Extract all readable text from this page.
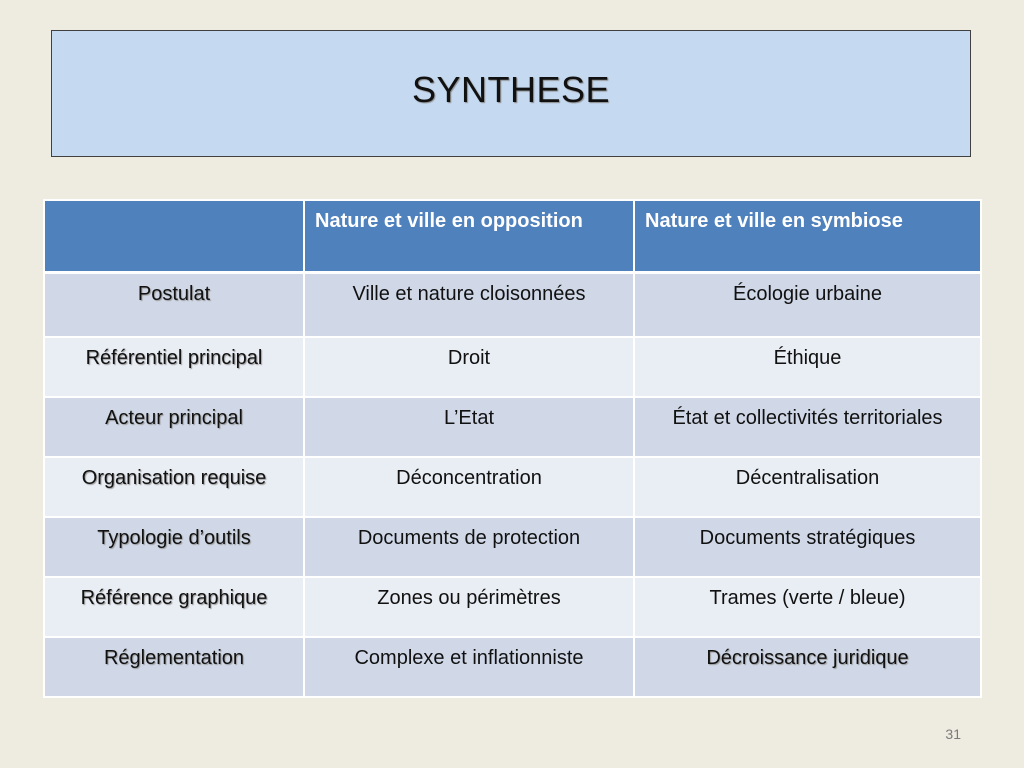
SYNTHESE
	Nature et ville en opposition	Nature et ville en symbiose
Postulat	Ville et nature cloisonnées	Écologie urbaine
Référentiel principal	Droit	Éthique
Acteur principal	L’Etat	État et collectivités territoriales
Organisation requise	Déconcentration	Décentralisation
Typologie d’outils	Documents de protection	Documents stratégiques
Référence graphique	Zones ou périmètres	Trames (verte / bleue)
Réglementation	Complexe et inflationniste	Décroissance juridique
31
